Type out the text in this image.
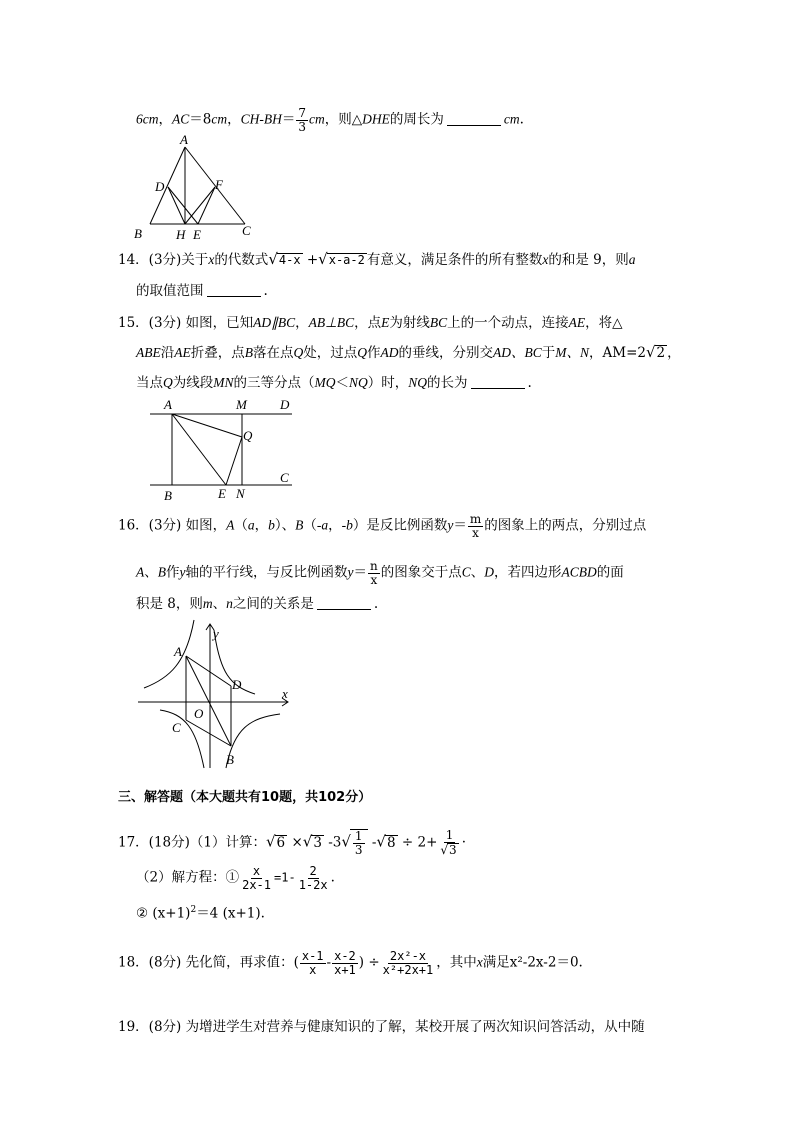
6cm，AC＝8cm，$CH-BH= \frac{7}{3}$ cm，则△DHE的周长为	cm.
A
B	C
D	F
H E
14．(3分)关于x的代数式√4-x +√x-a-2 有意义，满足条件的所有整数x的和是 9，则a
的取值范围	.
15．(3分) 如图，已知AD∥BC，AB⊥BC，点E为射线BC上的一个动点，连接AE，将△
ABE沿AE折叠，点B落在点Q处，过点Q作AD的垂线，分别交AD、BC于M、N，AM=2√2 ，
当点Q为线段MN的三等分点（MQ＜NQ）时，NQ的长为	.
A	M	D
Q
C
B	E N
16．(3分) 如图，A（a，b）、B（-a，-b）是反比例函数$y= \frac{m}{x}$ 的图象上的两点，分别过点
A、B作y轴的平行线，与反比例函数$y= \frac{n}{x}$ 的图象交于点C、D，若四边形ACBD的面
积是 8，则m、n之间的关系是	.
A
D
C
O
B
x
y
三、解答题（本大题共有10题，共102分）
17．(18分)（1）计算：√6 ×√3 $-3√ \frac{1}{3} -√8 \div 2+ \frac{1}{√3}$ ·
（2）解方程：① $\frac{x}{2x-1} =1- \frac{2}{1-2x}$ .
② $(x+1)^2=4$ (x+1).
18．(8分) 先化简，再求值：( $\frac{x-1}{x} - \frac{x-2}{x+1}$ ) ÷ $\frac{\text{2x²-x}}{\text{x²+2x+1}}$ ，其中x满足x²-2x-2＝0.
19．(8分) 为增进学生对营养与健康知识的了解，某校开展了两次知识问答活动，从中随
